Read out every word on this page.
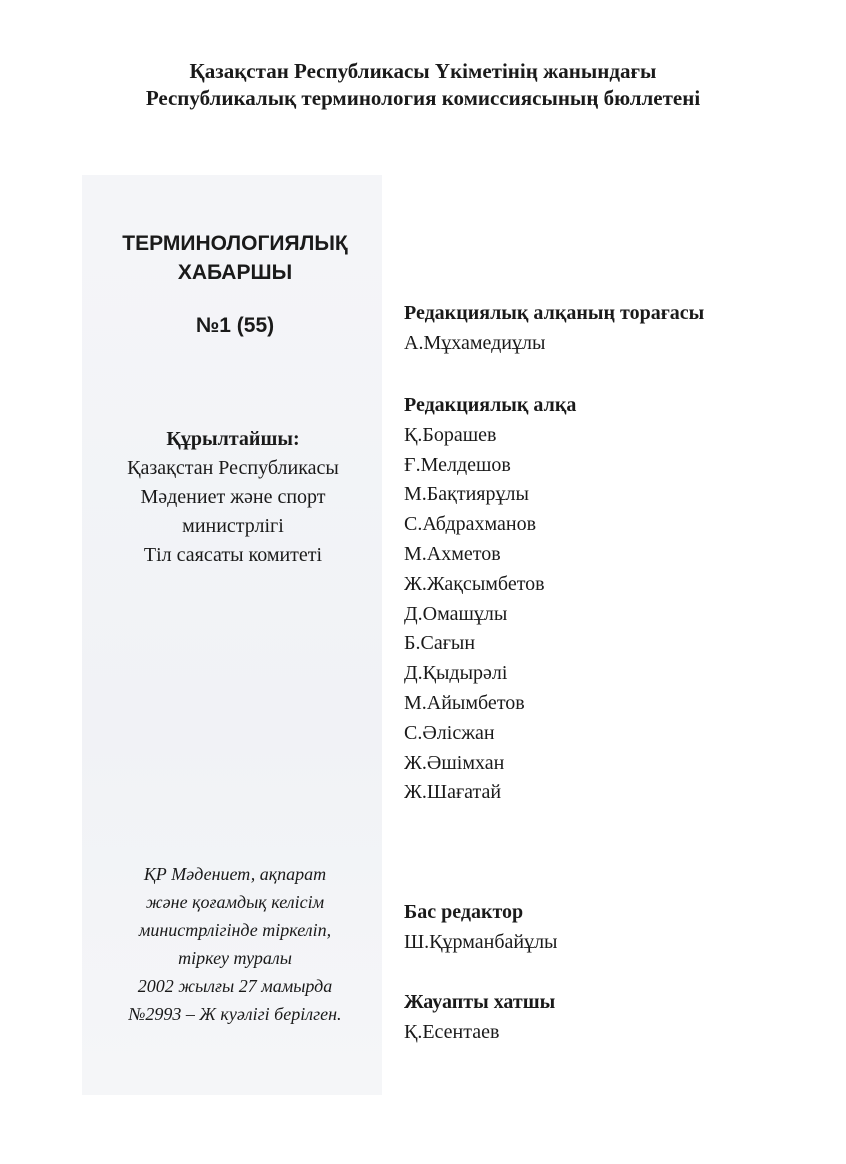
Қазақстан Республикасы Үкіметінің жанындағы
Республикалық терминология комиссиясының бюллетені
ТЕРМИНОЛОГИЯЛЫҚ
ХАБАРШЫ
№1 (55)
Құрылтайшы:
Қазақстан Республикасы
Мәдениет және спорт
министрлігі
Тіл саясаты комитеті
ҚР Мәдениет, ақпарат
және қоғамдық келісім
министрлігінде тіркеліп,
тіркеу туралы
2002 жылғы 27 мамырда
№2993 – Ж куәлігі берілген.
Редакциялық алқаның торағасы
А.Мұхамедиұлы
Редакциялық алқа
Қ.Борашев
Ғ.Мелдешов
М.Бақтиярұлы
С.Абдрахманов
М.Ахметов
Ж.Жақсымбетов
Д.Омашұлы
Б.Сағын
Д.Қыдырәлі
М.Айымбетов
С.Әлісжан
Ж.Әшімхан
Ж.Шағатай
Бас редактор
Ш.Құрманбайұлы
Жауапты хатшы
Қ.Есентаев
